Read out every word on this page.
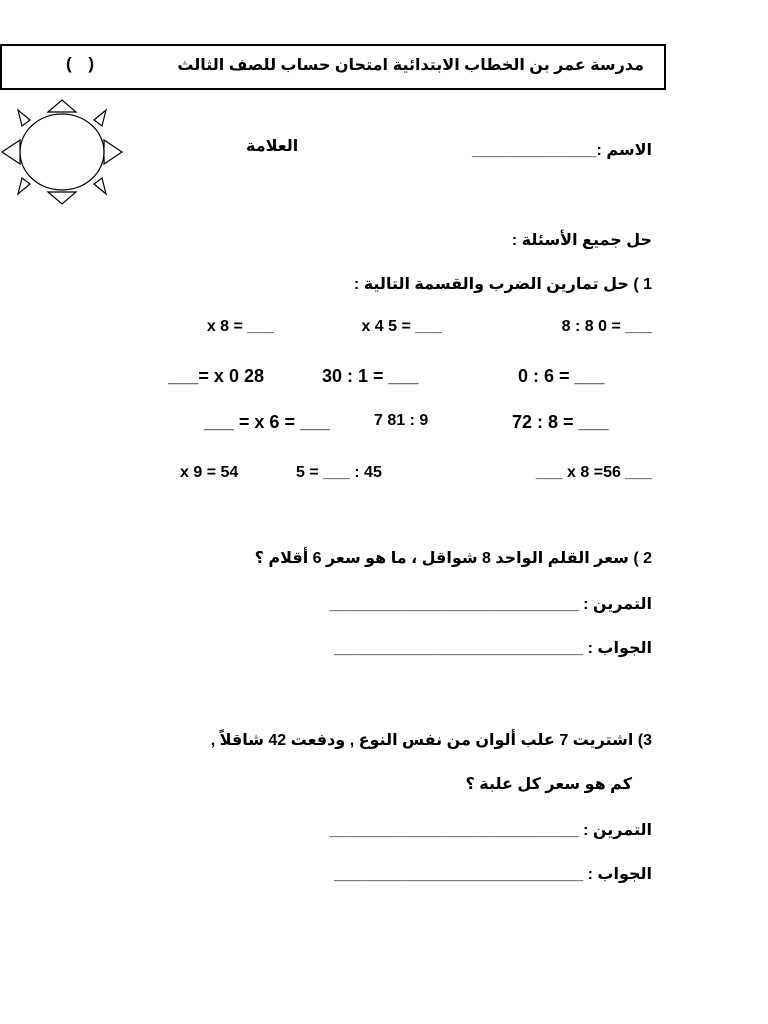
مدرسة عمر بن الخطاب الابتدائية
امتحان حساب للصف الثالث
( )
الاسم :______________
العلامة
حل جميع الأسئلة :
1 ) حل تمارين الضرب والقسمة التالية :
___ = 0 8 : 8
___ = 5 x 4
___ = x 8
0 : 6 = ___
30 : 1 = ___
28 0 x =___
72 : 8 = ___
7 81 : 9
___ = x 6 = ___
___ 56= x 8 ___
5 = ___ : 45
x 9 = 54
2 ) سعر القلم الواحد 8 شواقل ، ما هو سعر 6 أقلام ؟
التمرين : ____________________________
الجواب : ____________________________
3) اشتريت 7 علب ألوان من نفس النوع , ودفعت 42 شاقلاً ,
كم هو سعر كل علبة ؟
التمرين : ____________________________
الجواب : ____________________________
